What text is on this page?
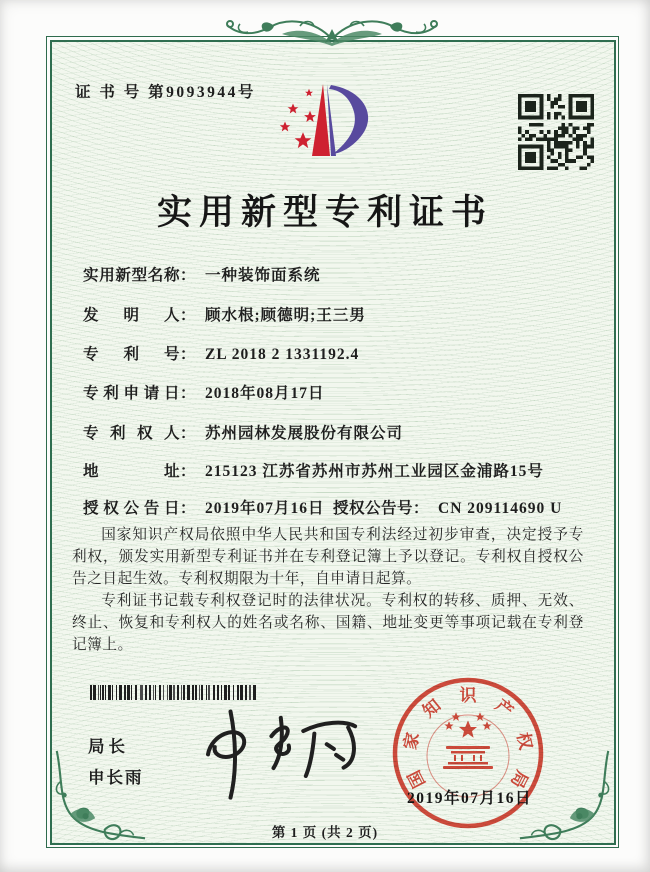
证 书 号 第9093944号
实用新型专利证书
实用新型名称： 一种装饰面系统
发明人： 顾水根;顾德明;王三男
专利号： ZL 2018 2 1331192.4
专利申请日： 2018年08月17日
专利权人： 苏州园林发展股份有限公司
地址： 215123 江苏省苏州市苏州工业园区金浦路15号
授权公告日： 2019年07月16日 授权公告号： CN 209114690 U

国家知识产权局依照中华人民共和国专利法经过初步审查，决定授予专利权，颁发实用新型专利证书并在专利登记簿上予以登记。专利权自授权公告之日起生效。专利权期限为十年，自申请日起算。

专利证书记载专利权登记时的法律状况。专利权的转移、质押、无效、终止、恢复和专利权人的姓名或名称、国籍、地址变更等事项记载在专利登记簿上。

局长
申长雨	国
家
知
识
产
权
局
2019年07月16日
第 1 页 (共 2 页)
